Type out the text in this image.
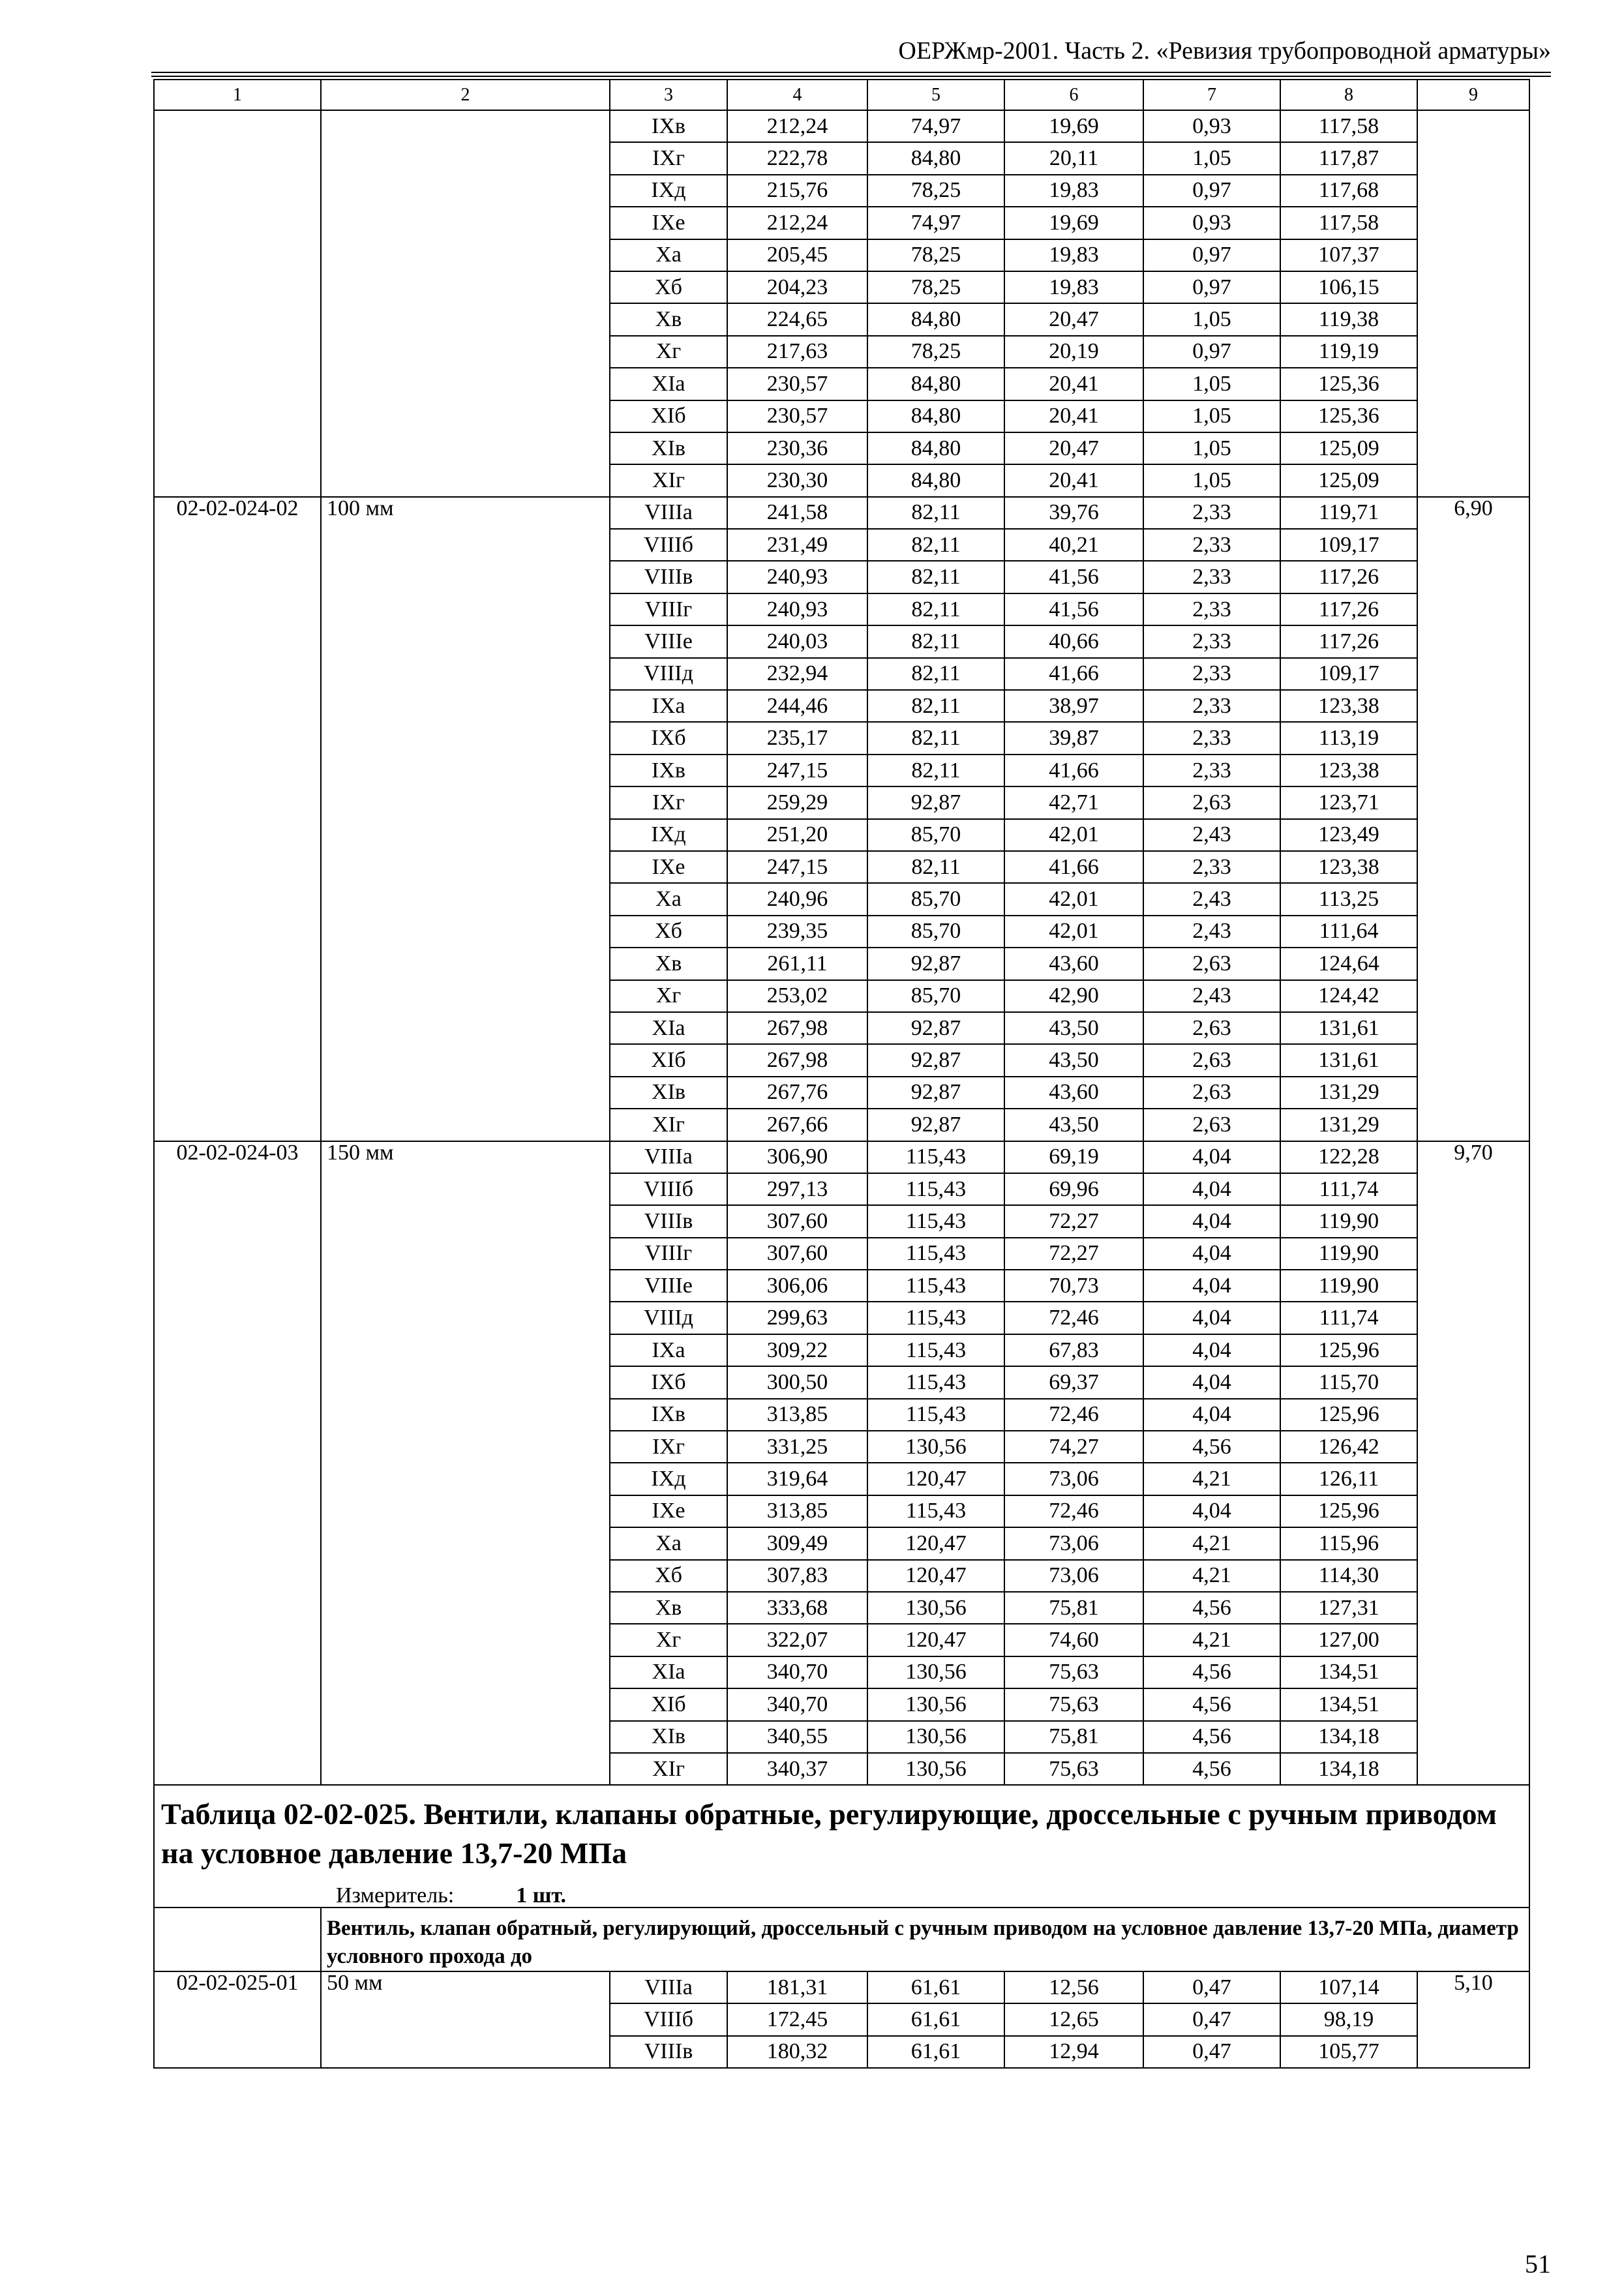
ОЕРЖмр-2001. Часть 2. «Ревизия трубопроводной арматуры»
1	2	3	4	5	6	7	8	9
		IXв	212,24	74,97	19,69	0,93	117,58	
		IXг	222,78	84,80	20,11	1,05	117,87	
		IXд	215,76	78,25	19,83	0,97	117,68	
		IXе	212,24	74,97	19,69	0,93	117,58	
		Xа	205,45	78,25	19,83	0,97	107,37	
		Xб	204,23	78,25	19,83	0,97	106,15	
		Xв	224,65	84,80	20,47	1,05	119,38	
		Xг	217,63	78,25	20,19	0,97	119,19	
		XIа	230,57	84,80	20,41	1,05	125,36	
		XIб	230,57	84,80	20,41	1,05	125,36	
		XIв	230,36	84,80	20,47	1,05	125,09	
		XIг	230,30	84,80	20,41	1,05	125,09	
02-02-024-02	100 мм	VIIIа	241,58	82,11	39,76	2,33	119,71	6,90
		VIIIб	231,49	82,11	40,21	2,33	109,17	
		VIIIв	240,93	82,11	41,56	2,33	117,26	
		VIIIг	240,93	82,11	41,56	2,33	117,26	
		VIIIе	240,03	82,11	40,66	2,33	117,26	
		VIIIд	232,94	82,11	41,66	2,33	109,17	
		IXа	244,46	82,11	38,97	2,33	123,38	
		IXб	235,17	82,11	39,87	2,33	113,19	
		IXв	247,15	82,11	41,66	2,33	123,38	
		IXг	259,29	92,87	42,71	2,63	123,71	
		IXд	251,20	85,70	42,01	2,43	123,49	
		IXе	247,15	82,11	41,66	2,33	123,38	
		Xа	240,96	85,70	42,01	2,43	113,25	
		Xб	239,35	85,70	42,01	2,43	111,64	
		Xв	261,11	92,87	43,60	2,63	124,64	
		Xг	253,02	85,70	42,90	2,43	124,42	
		XIа	267,98	92,87	43,50	2,63	131,61	
		XIб	267,98	92,87	43,50	2,63	131,61	
		XIв	267,76	92,87	43,60	2,63	131,29	
		XIг	267,66	92,87	43,50	2,63	131,29	
02-02-024-03	150 мм	VIIIа	306,90	115,43	69,19	4,04	122,28	9,70
		VIIIб	297,13	115,43	69,96	4,04	111,74	
		VIIIв	307,60	115,43	72,27	4,04	119,90	
		VIIIг	307,60	115,43	72,27	4,04	119,90	
		VIIIе	306,06	115,43	70,73	4,04	119,90	
		VIIIд	299,63	115,43	72,46	4,04	111,74	
		IXа	309,22	115,43	67,83	4,04	125,96	
		IXб	300,50	115,43	69,37	4,04	115,70	
		IXв	313,85	115,43	72,46	4,04	125,96	
		IXг	331,25	130,56	74,27	4,56	126,42	
		IXд	319,64	120,47	73,06	4,21	126,11	
		IXе	313,85	115,43	72,46	4,04	125,96	
		Xа	309,49	120,47	73,06	4,21	115,96	
		Xб	307,83	120,47	73,06	4,21	114,30	
		Xв	333,68	130,56	75,81	4,56	127,31	
		Xг	322,07	120,47	74,60	4,21	127,00	
		XIа	340,70	130,56	75,63	4,56	134,51	
		XIб	340,70	130,56	75,63	4,56	134,51	
		XIв	340,55	130,56	75,81	4,56	134,18	
		XIг	340,37	130,56	75,63	4,56	134,18	

Таблица 02-02-025. Вентили, клапаны обратные, регулирующие, дроссельные с ручным приводом на условное давление 13,7-20 МПа
Измеритель: 1 шт.								

	Вентиль, клапан обратный, регулирующий, дроссельный с ручным приводом на условное давление 13,7-20 МПа, диаметр условного прохода до							

02-02-025-01	50 мм	VIIIа	181,31	61,61	12,56	0,47	107,14	5,10
		VIIIб	172,45	61,61	12,65	0,47	98,19	
		VIIIв	180,32	61,61	12,94	0,47	105,77	
51
